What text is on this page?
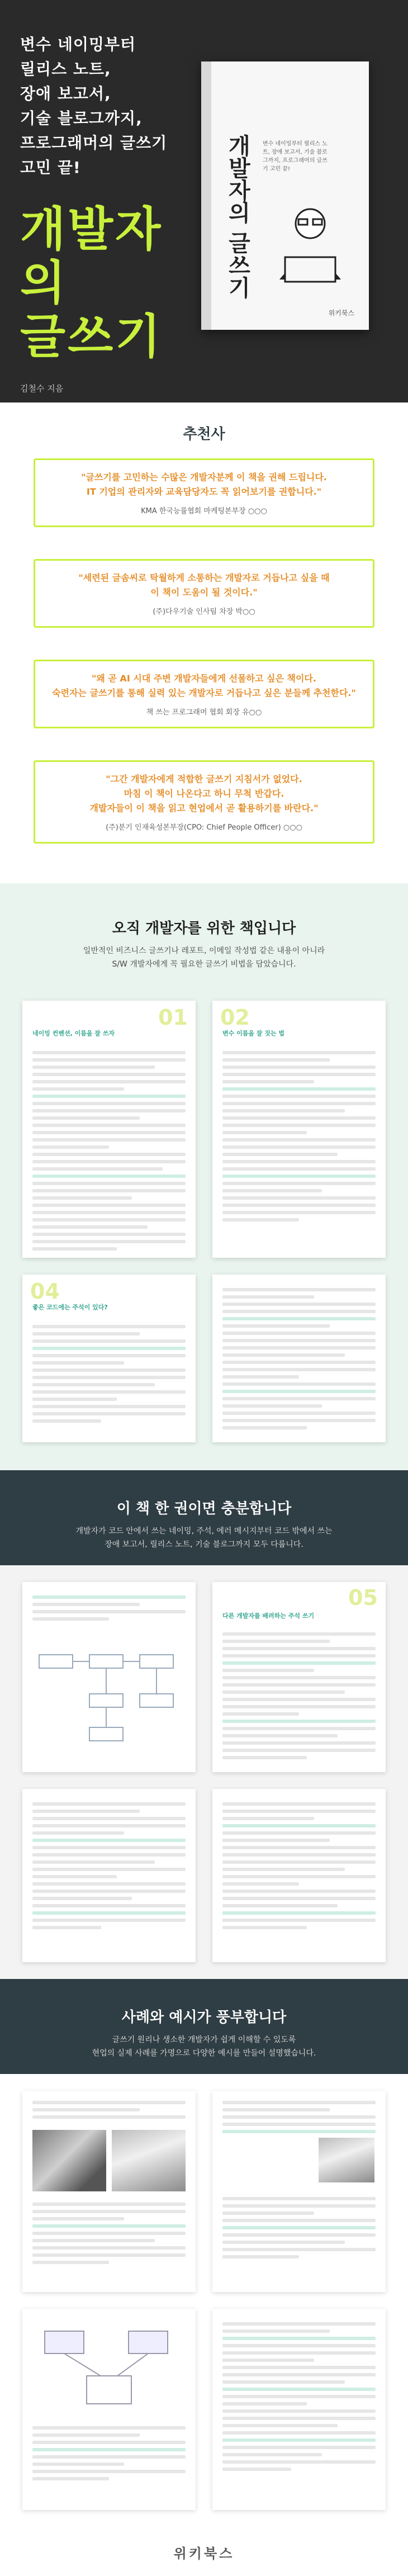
변수 네이밍부터
릴리스 노트,
장애 보고서,
기술 블로그까지,
프로그래머의 글쓰기
고민 끝!
개발자의
글쓰기
김철수 지음
개발자의 글쓰기 변수 네이밍부터 릴리스 노트, 장애 보고서, 기술 블로그까지, 프로그래머의 글쓰기 고민 끝!
위키북스
추천사
"글쓰기를 고민하는 수많은 개발자분께 이 책을 권해 드립니다.
IT 기업의 관리자와 교육담당자도 꼭 읽어보기를 권합니다."
KMA 한국능률협회 마케팅본부장 ○○○
"세련된 글솜씨로 탁월하게 소통하는 개발자로 거듭나고 싶을 때
이 책이 도움이 될 것이다."
(주)다우기술 인사팀 차장 박○○
"왜 곧 AI 시대 주변 개발자들에게 선물하고 싶은 책이다.
숙련자는 글쓰기를 통해 실력 있는 개발자로 거듭나고 싶은 분들께 추천한다."
책 쓰는 프로그래머 협회 회장 유○○
"그간 개발자에게 적합한 글쓰기 지침서가 없었다.
마침 이 책이 나온다고 하니 무척 반갑다.
개발자들이 이 책을 읽고 현업에서 곧 활용하기를 바란다."
(주)분기 인재육성본부장(CPO: Chief People Officer) ○○○
오직 개발자를 위한 책입니다
일반적인 비즈니스 글쓰기나 레포트, 이메일 작성법 같은 내용이 아니라
S/W 개발자에게 꼭 필요한 글쓰기 비법을 담았습니다.
01
네이밍 컨벤션, 이름을 잘 쓰자
02
변수 이름을 잘 짓는 법
04
좋은 코드에는 주석이 있다?
이 책 한 권이면 충분합니다
개발자가 코드 안에서 쓰는 네이밍, 주석, 에러 메시지부터 코드 밖에서 쓰는
장애 보고서, 릴리스 노트, 기술 블로그까지 모두 다룹니다.
05
다른 개발자를 배려하는 주석 쓰기
사례와 예시가 풍부합니다
글쓰기 원리나 생소한 개발자가 쉽게 이해할 수 있도록
현업의 실제 사례를 가명으로 다양한 예시를 만들어 설명했습니다.
위키북스
